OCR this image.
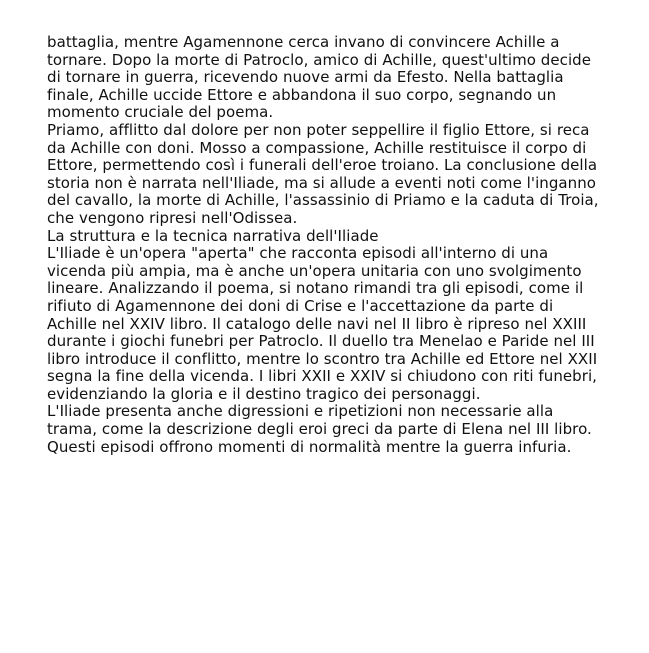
battaglia, mentre Agamennone cerca invano di convincere Achille a tornare. Dopo la morte di Patroclo, amico di Achille, quest'ultimo decide di tornare in guerra, ricevendo nuove armi da Efesto. Nella battaglia finale, Achille uccide Ettore e abbandona il suo corpo, segnando un momento cruciale del poema.

Priamo, afflitto dal dolore per non poter seppellire il figlio Ettore, si reca da Achille con doni. Mosso a compassione, Achille restituisce il corpo di Ettore, permettendo così i funerali dell'eroe troiano. La conclusione della storia non è narrata nell'Iliade, ma si allude a eventi noti come l'inganno del cavallo, la morte di Achille, l'assassinio di Priamo e la caduta di Troia, che vengono ripresi nell'Odissea.

La struttura e la tecnica narrativa dell'Iliade

L'Iliade è un'opera "aperta" che racconta episodi all'interno di una vicenda più ampia, ma è anche un'opera unitaria con uno svolgimento lineare. Analizzando il poema, si notano rimandi tra gli episodi, come il rifiuto di Agamennone dei doni di Crise e l'accettazione da parte di Achille nel XXIV libro. Il catalogo delle navi nel II libro è ripreso nel XXIII durante i giochi funebri per Patroclo. Il duello tra Menelao e Paride nel III libro introduce il conflitto, mentre lo scontro tra Achille ed Ettore nel XXII segna la fine della vicenda. I libri XXII e XXIV si chiudono con riti funebri, evidenziando la gloria e il destino tragico dei personaggi.

L'Iliade presenta anche digressioni e ripetizioni non necessarie alla trama, come la descrizione degli eroi greci da parte di Elena nel III libro. Questi episodi offrono momenti di normalità mentre la guerra infuria.
